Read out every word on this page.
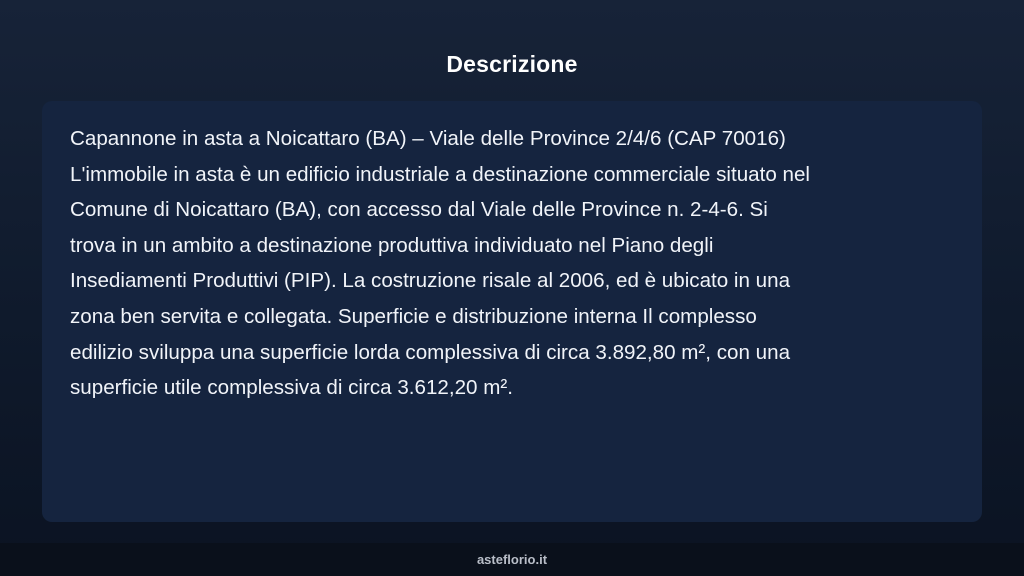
Descrizione

Capannone in asta a Noicattaro (BA) – Viale delle Province 2/4/6 (CAP 70016)
L'immobile in asta è un edificio industriale a destinazione commerciale situato nel
Comune di Noicattaro (BA), con accesso dal Viale delle Province n. 2-4-6. Si
trova in un ambito a destinazione produttiva individuato nel Piano degli
Insediamenti Produttivi (PIP). La costruzione risale al 2006, ed è ubicato in una
zona ben servita e collegata. Superficie e distribuzione interna Il complesso
edilizio sviluppa una superficie lorda complessiva di circa 3.892,80 m², con una
superficie utile complessiva di circa 3.612,20 m².

asteflorio.it
